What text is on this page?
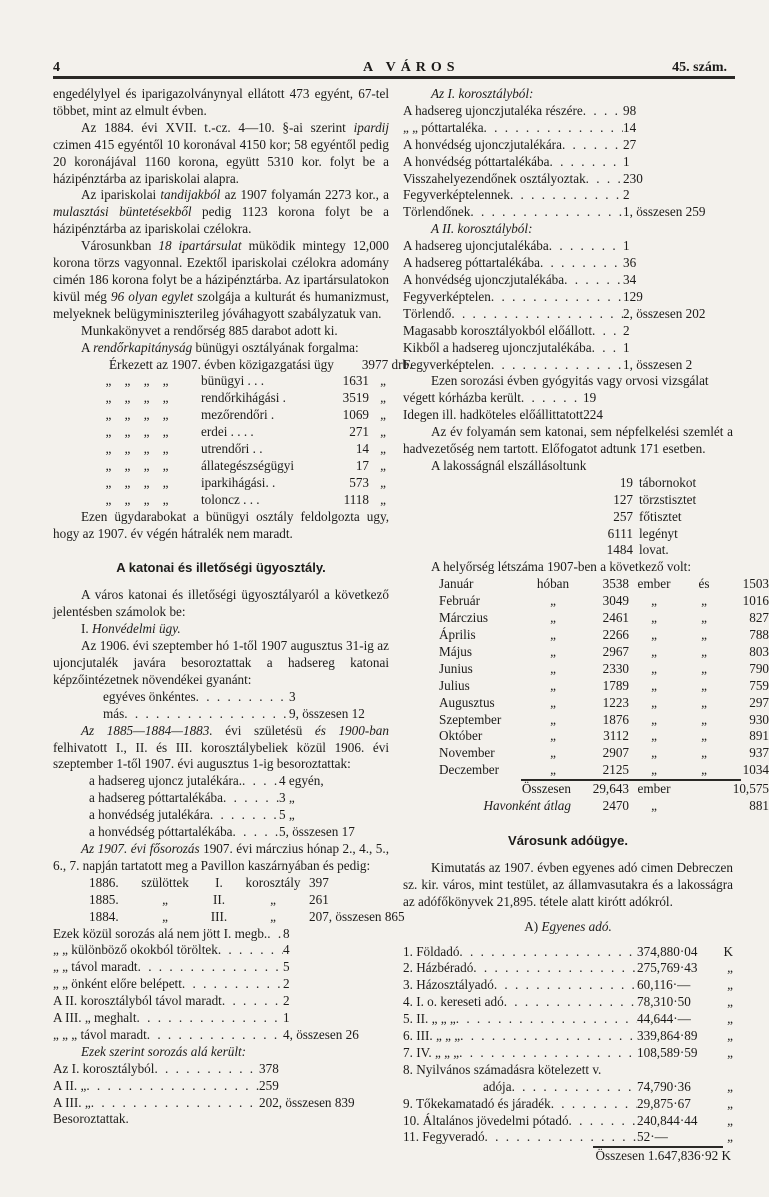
4	A VÁROS	45. szám.

engedélylyel és iparigazolványnyal ellátott 473 egyént, 67-tel többet, mint az elmult évben.

Az 1884. évi XVII. t.-cz. 4—10. §-ai szerint ipardij czimen 415 egyéntől 10 koronával 4150 kor; 58 egyéntől pedig 20 koronájával 1160 korona, együtt 5310 kor. folyt be a házipénztárba az ipariskolai alapra.

Az ipariskolai tandijakból az 1907 folyamán 2273 kor., a mulasztási büntetésekből pedig 1123 korona folyt be a házipénztárba az ipariskolai czélokra.

Városunkban 18 ipartársulat müködik mintegy 12,000 korona törzs vagyonnal. Ezektől ipariskolai czélokra adomány cimén 186 korona folyt be a házipénztárba. Az ipartársulatokon kivül még 96 olyan egylet szolgája a kulturát és humanizmust, melyeknek belügyminiszterileg jóváhagyott szabályzatuk van.

Munkakönyvet a rendőrség 885 darabot adott ki.

A rendőrkapitányság bünügyi osztályának forgalma:

Érkezett az 1907. évben közigazgatási ügy	3977 drb.
„    „    „    „	bünügyi . . .	1631 „
„    „    „    „	rendőrkihágási .	3519 „
„    „    „    „	mezőrendőri .	1069 „
„    „    „    „	erdei . . . .	271 „
„    „    „    „	utrendőri . .	14 „
„    „    „    „	állategészségügyi	17 „
„    „    „    „	iparkihágási. .	573 „
„    „    „    „	toloncz . . .	1118 „

Ezen ügydarabokat a bünügyi osztály feldolgozta ugy, hogy az 1907. év végén hátralék nem maradt.

A katonai és illetőségi ügyosztály.

A város katonai és illetőségi ügyosztályaról a következő jelentésben számolok be:

I. Honvédelmi ügy.

Az 1906. évi szeptember hó 1-től 1907 augusztus 31-ig az ujoncjutalék javára besoroztattak a hadsereg katonai képzőintézetnek növendékei gyanánt:

egyéves önkéntes . . .	3
más . . .	9, összesen 12

Az 1885—1884—1883. évi születésü és 1900-ban felhivatott I., II. és III. korosztálybeliek közül 1906. évi szeptember 1-től 1907. évi augusztus 1-ig besoroztattak:

a hadsereg ujoncz jutalékára. . . .	4 egyén,
a hadsereg póttartalékába . . .	3 „
a honvédség jutalékára . . .	5 „
a honvédség póttartalékába . . .	5, összesen 17

Az 1907. évi fősorozás 1907. évi márczius hónap 2., 4., 5., 6., 7. napján tartatott meg a Pavillon kaszárnyában és pedig:

1886.	szülöttek	I.	korosztály 397
1885.	„	II.	„	261
1884.	„	III.	„	207, összesen 865
Ezek közül sorozás alá nem jött I. megb. . . . 8
„ „ különböző okokból töröltek . . .	4
„ „ távol maradt . . .	5
„ „ önként előre belépett . . .	2
A II. korosztályból távol maradt . . .	2
A III. „ meghalt . . .	1
„ „ „ távol maradt . . .	4, összesen 26

Ezek szerint sorozás alá került:

Az I. korosztályból . . .	378
A II. „ . . .	259
A III. „ . . .	202, összesen 839

Besoroztattak.

Az I. korosztályból:

A hadsereg ujonczjutaléka részére . . .	98
„ „ póttartaléka . . .	14
A honvédség ujonczjutalékára . . .	27
A honvédség póttartalékába . . .	1
Visszahelyezendőnek osztályoztak . . .	230
Fegyverképtelennek . . .	2
Törlendőnek . . .	1, összesen 259

A II. korosztályból:

A hadsereg ujoncjutalékába . . .	1
A hadsereg póttartalékába . . .	36
A honvédség ujonczjutalékába . . .	34
Fegyverképtelen . . .	129
Törlendő . . .	2, összesen 202
Magasabb korosztályokból előállott . . . 2
Kikből a hadsereg ujonczjutalékába . . . 1
Fegyverképtelen . . .	1, összesen 2

Ezen sorozási évben gyógyitás vagy orvosi vizsgálat

végett kórházba került . . .	19
Idegen ill. hadköteles előállittatott 224

Az év folyamán sem katonai, sem népfelkelési szemlét a hadvezetőség nem tartott. Előfogatot adtunk 171 esetben.

A lakosságnál elszállásoltunk
19 tábornokot
127 törzstisztet
257 főtisztet
6111 legényt
1484 lovat.

A helyőrség létszáma 1907-ben a következő volt:

Január	hóban	3538 ember	és	1503
Február	„	3049	„	„	1016
Márczius	„	2461	„	„	827
Április	„	2266	„	„	788
Május	„	2967	„	„	803
Junius	„	2330	„	„	790
Julius	„	1789	„	„	759
Augusztus	„	1223	„	„	297
Szeptember	„	1876	„	„	930
Október	„	3112	„	„	891
November	„	2907	„	„	937
Deczember	„	2125	„	„	1034
Összesen	29,643 ember	10,575
Havonként átlag	2470	„	881
Városunk adóügye.

Kimutatás az 1907. évben egyenes adó cimen Debreczen sz. kir. város, mint testület, az államvasutakra és a lakosságra az adófőkönyvek 21,895. tétele alatt kirótt adókról.

A) Egyenes adó.

1. Földadó . . .	374,880·04	K
2. Házbéradó . . .	275,769·43	„
3. Házosztályadó . . .	60,116·—	„
4. I. o. kereseti adó . . .	78,310·50	„
5. II. „ „ „ . . .	44,644·—	„
6. III. „ „ „ . . .	339,864·89	„
7. IV. „ „ „ . . .	108,589·59	„
8. Nyilvános számadásra kötelezett v.
adója . . .	74,790·36	„
9. Tőkekamatadó és járadék . . .	29,875·67	„
10. Általános jövedelmi pótadó . . .	240,844·44	„
11. Fegyveradó . . .	52·—	„
Összesen 1.647,836·92 K
